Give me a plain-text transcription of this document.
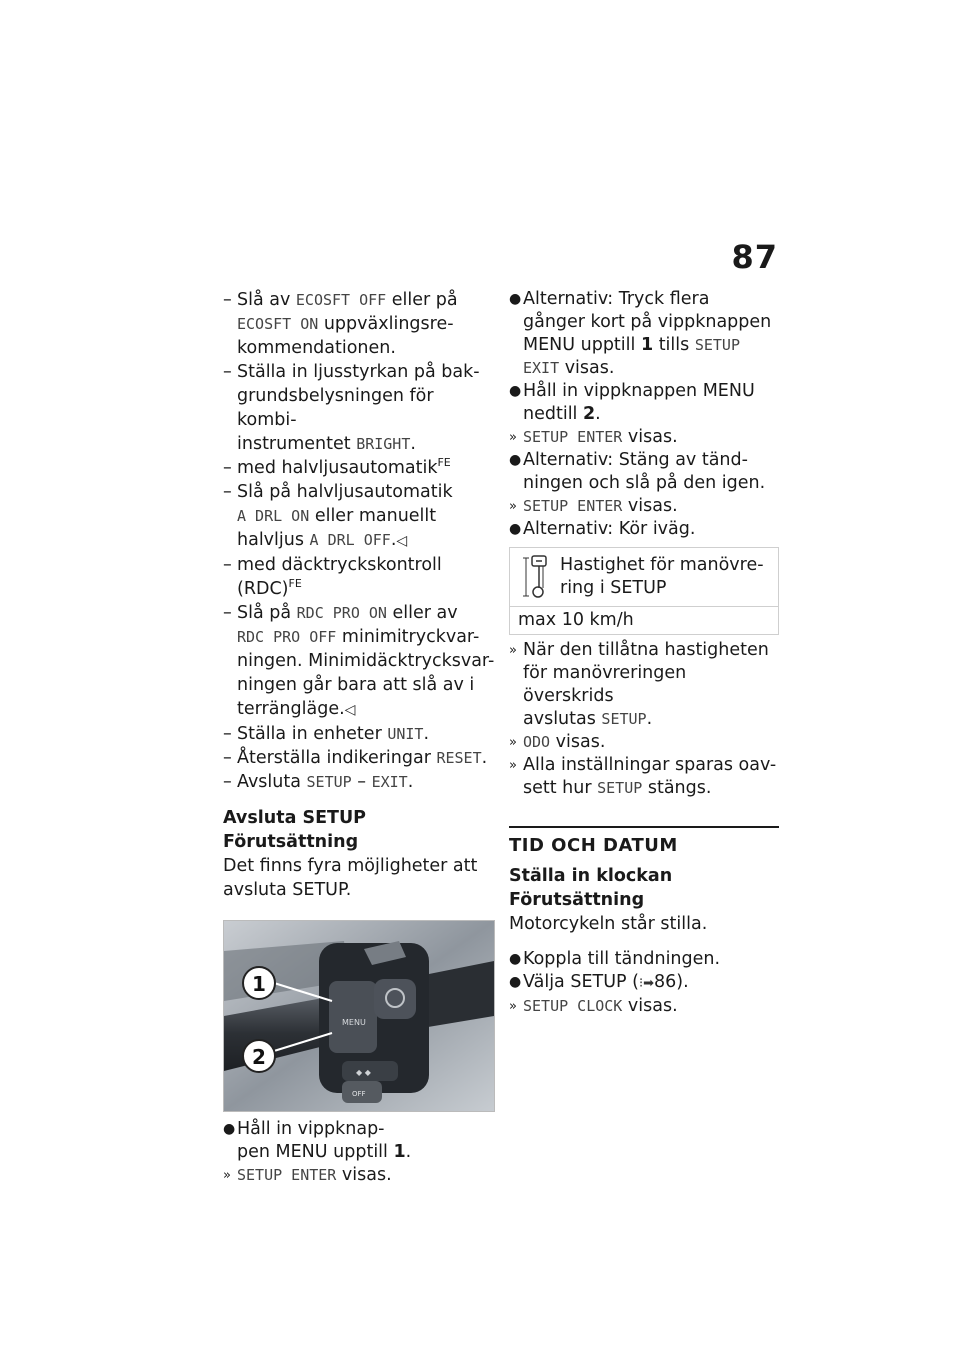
87
– Slå av ECOSFT OFF eller på
ECOSFT ON uppväxlingsre-
kommendationen.
– Ställa in ljusstyrkan på bak-
grundsbelysningen för kombi-
instrumentet BRIGHT.
– med halvljusautomatik$^{FE}$
– Slå på halvljusautomatik
A DRL ON eller manuellt
halvljus A DRL OFF.◁
– med däcktryckskontroll
(RDC)$^{FE}$
– Slå på RDC PRO ON eller av
RDC PRO OFF minimitryckvar-
ningen. Minimidäcktrycksvar-
ningen går bara att slå av i
terrängläge.◁
– Ställa in enheter UNIT.
– Återställa indikeringar RESET.
– Avsluta SETUP – EXIT.

Avsluta SETUP

Förutsättning

Det finns fyra möjligheter att avsluta SETUP.

MENU
◆ ◆
OFF
1
2
● Håll in vippknap-
pen MENU upptill 1.
» SETUP ENTER visas.
● Alternativ: Tryck flera
gånger kort på vippknappen
MENU upptill 1 tills SETUP
EXIT visas.
● Håll in vippknappen MENU
nedtill 2.
» SETUP ENTER visas.
● Alternativ: Stäng av tänd-
ningen och slå på den igen.
» SETUP ENTER visas.
● Alternativ: Kör iväg.
Hastighet för manövre-
ring i SETUP
max 10 km/h
» När den tillåtna hastigheten
för manövreringen överskrids
avslutas SETUP.
» ODO visas.
» Alla inställningar sparas oav-
sett hur SETUP stängs.

TID OCH DATUM

Ställa in klockan

Förutsättning

Motorcykeln står stilla.

● Koppla till tändningen.
● Välja SETUP (⁝➡86).
» SETUP CLOCK visas.
